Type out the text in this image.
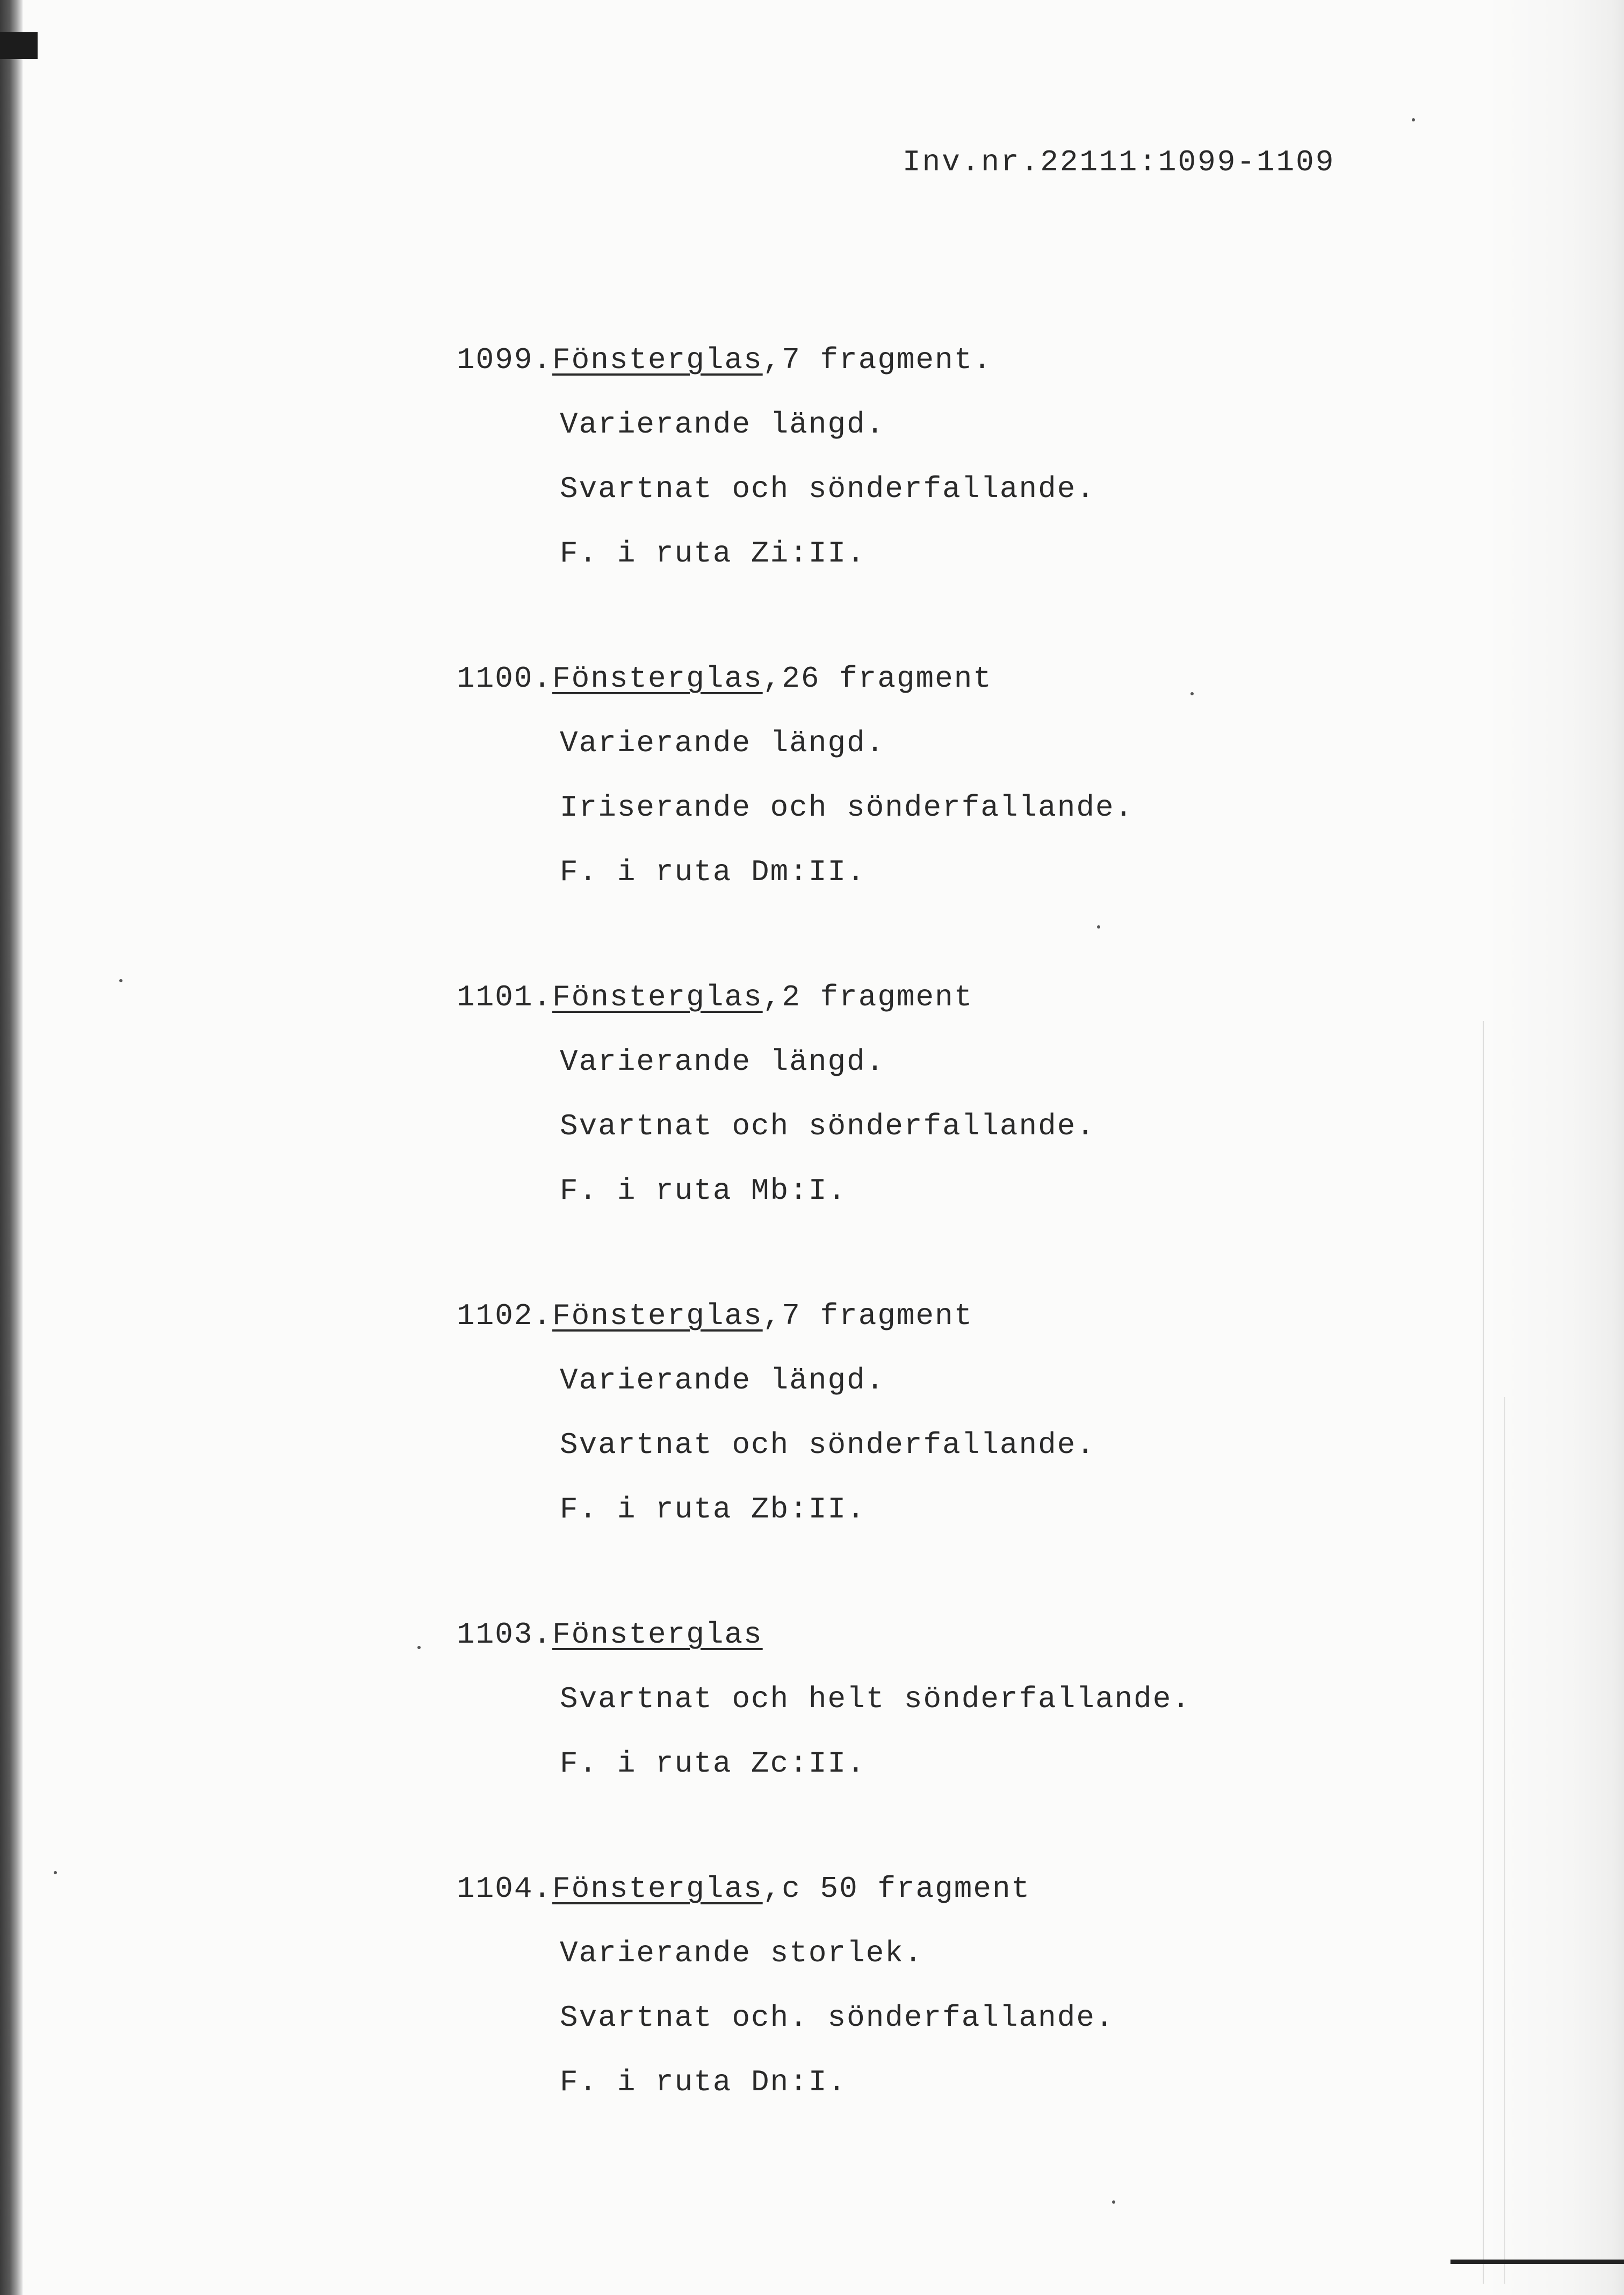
Inv.nr.22111:1099-1109
1099. Fönsterglas ,7 fragment.
Varierande längd.
Svartnat och sönderfallande.
F. i ruta Zi:II.
1100. Fönsterglas ,26 fragment
Varierande längd.
Iriserande och sönderfallande.
F. i ruta Dm:II.
1101. Fönsterglas ,2 fragment
Varierande längd.
Svartnat och sönderfallande.
F. i ruta Mb:I.
1102. Fönsterglas ,7 fragment
Varierande längd.
Svartnat och sönderfallande.
F. i ruta Zb:II.
1103. Fönsterglas
Svartnat och helt sönderfallande.
F. i ruta Zc:II.
1104. Fönsterglas ,c 50 fragment
Varierande storlek.
Svartnat och. sönderfallande.
F. i ruta Dn:I.
